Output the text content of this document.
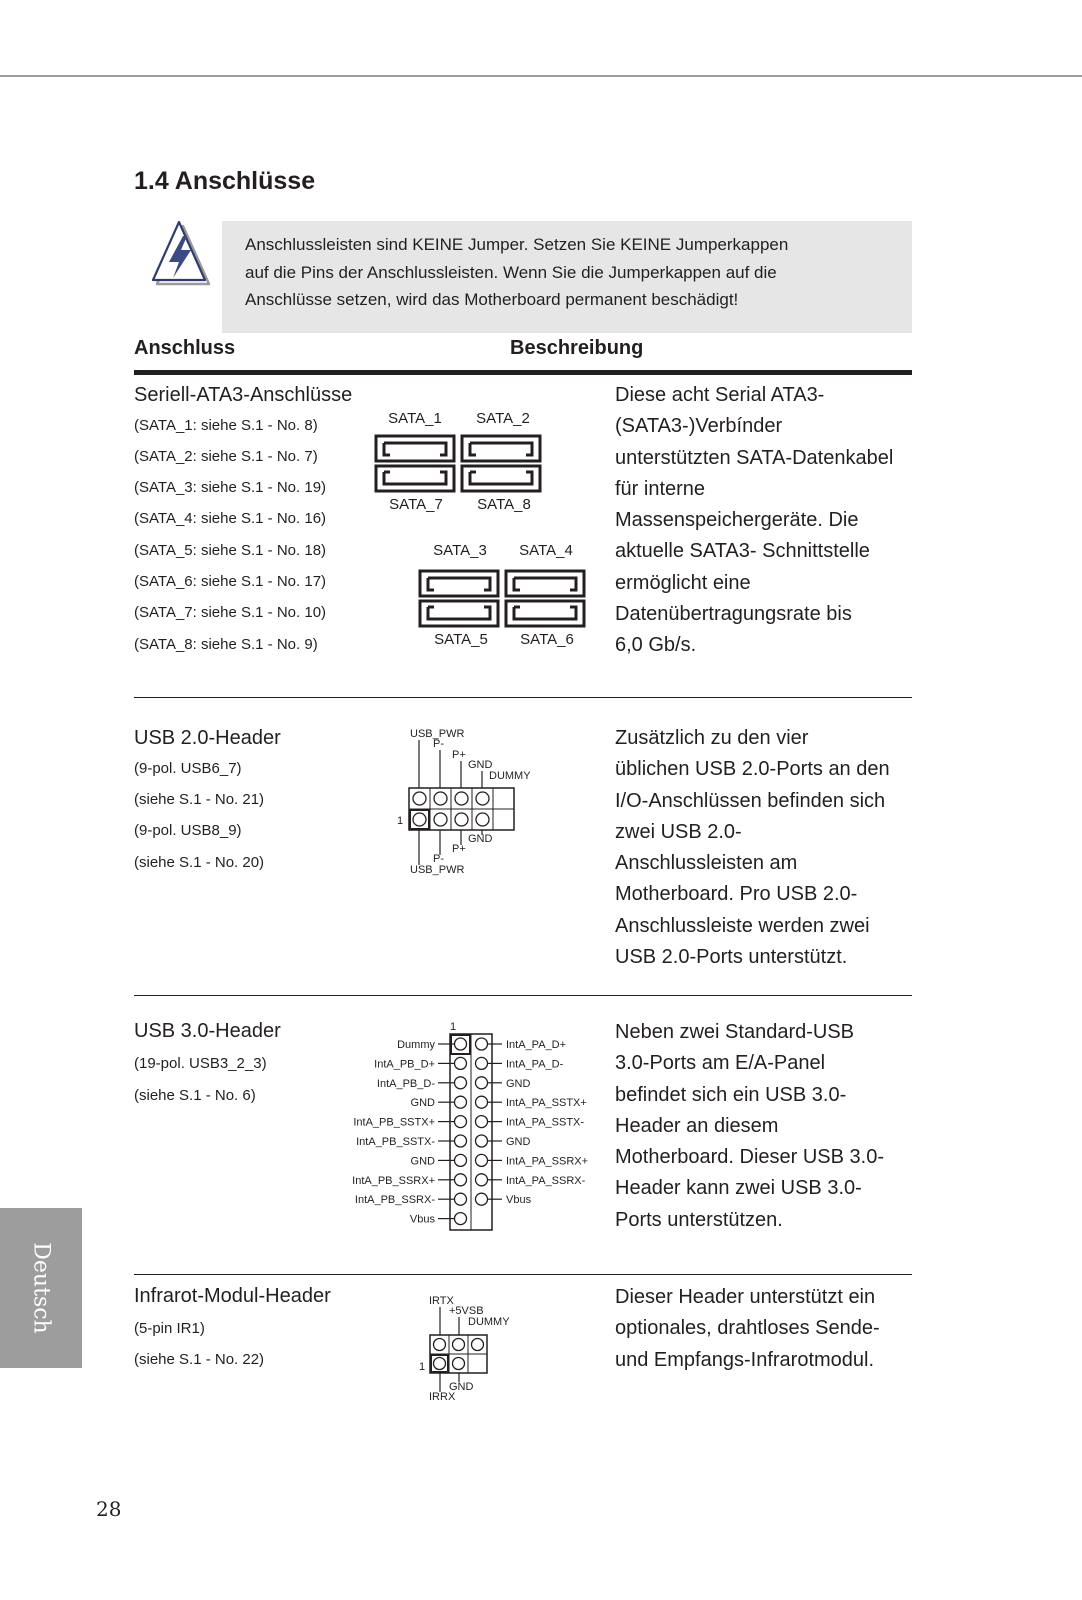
1.4 Anschlüsse
Anschlussleisten sind KEINE Jumper. Setzen Sie KEINE Jumperkappen
auf die Pins der Anschlussleisten. Wenn Sie die Jumperkappen auf die
Anschlüsse setzen, wird das Motherboard permanent beschädigt!
Anschluss	Beschreibung
Seriell-ATA3-Anschlüsse
(SATA_1: siehe S.1 - No. 8)
(SATA_2: siehe S.1 - No. 7)
(SATA_3: siehe S.1 - No. 19)
(SATA_4: siehe S.1 - No. 16)
(SATA_5: siehe S.1 - No. 18)
(SATA_6: siehe S.1 - No. 17)
(SATA_7: siehe S.1 - No. 10)
(SATA_8: siehe S.1 - No. 9)
SATA_1 SATA_2
SATA_7 SATA_8
SATA_3 SATA_4
SATA_5 SATA_6
Diese acht Serial ATA3-
(SATA3-)Verbínder
unterstützten SATA-Datenkabel
für interne
Massenspeichergeräte. Die
aktuelle SATA3- Schnittstelle
ermöglicht eine
Datenübertragungsrate bis
6,0 Gb/s.
USB 2.0-Header
(9-pol. USB6_7)
(siehe S.1 - No. 21)
(9-pol. USB8_9)
(siehe S.1 - No. 20)
USB_PWR
P-
P+
GND
DUMMY
1
GND
P+
P-
USB_PWR
Zusätzlich zu den vier
üblichen USB 2.0-Ports an den
I/O-Anschlüssen befinden sich
zwei USB 2.0-
Anschlussleisten am
Motherboard. Pro USB 2.0-
Anschlussleiste werden zwei
USB 2.0-Ports unterstützt.
USB 3.0-Header
(19-pol. USB3_2_3)
(siehe S.1 - No. 6)
1
Dummy
IntA_PB_D+
IntA_PB_D-
GND
IntA_PB_SSTX+
IntA_PB_SSTX-
GND
IntA_PB_SSRX+
IntA_PB_SSRX-
Vbus
IntA_PA_D+
IntA_PA_D-
GND
IntA_PA_SSTX+
IntA_PA_SSTX-
GND
IntA_PA_SSRX+
IntA_PA_SSRX-
Vbus
Neben zwei Standard-USB
3.0-Ports am E/A-Panel
befindet sich ein USB 3.0-
Header an diesem
Motherboard. Dieser USB 3.0-
Header kann zwei USB 3.0-
Ports unterstützen.
Infrarot-Modul-Header
(5-pin IR1)
(siehe S.1 - No. 22)
IRTX
+5VSB
DUMMY
1
GND
IRRX
Dieser Header unterstützt ein
optionales, drahtloses Sende-
und Empfangs-Infrarotmodul.
Deutsch
28
